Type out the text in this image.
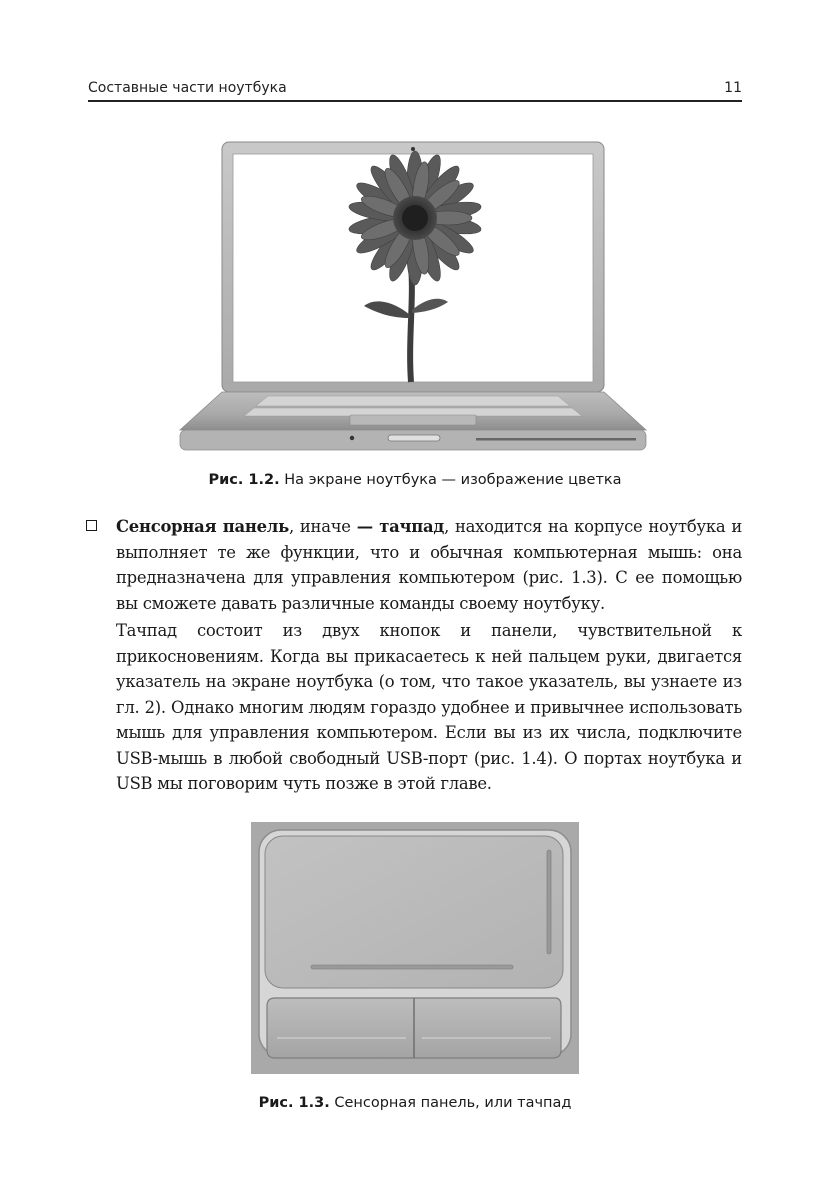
Составные части ноутбука	11
Рис. 1.2. На экране ноутбука — изображение цветка
Сенсорная панель, иначе — тачпад, находится на корпусе ноутбука и выполняет те же функции, что и обычная компьютерная мышь: она предназначена для управления компьютером (рис. 1.3). С ее помощью вы сможете давать различные команды своему ноутбуку.
Тачпад состоит из двух кнопок и панели, чувствительной к прикосновениям. Когда вы прикасаетесь к ней пальцем руки, двигается указатель на экране ноутбука (о том, что такое указатель, вы узнаете из гл. 2). Однако многим людям гораздо удобнее и привычнее использовать мышь для управления компьютером. Если вы из их числа, подключите USB-мышь в любой свободный USB-порт (рис. 1.4). О портах ноутбука и USB мы поговорим чуть позже в этой главе.
Рис. 1.3. Сенсорная панель, или тачпад
